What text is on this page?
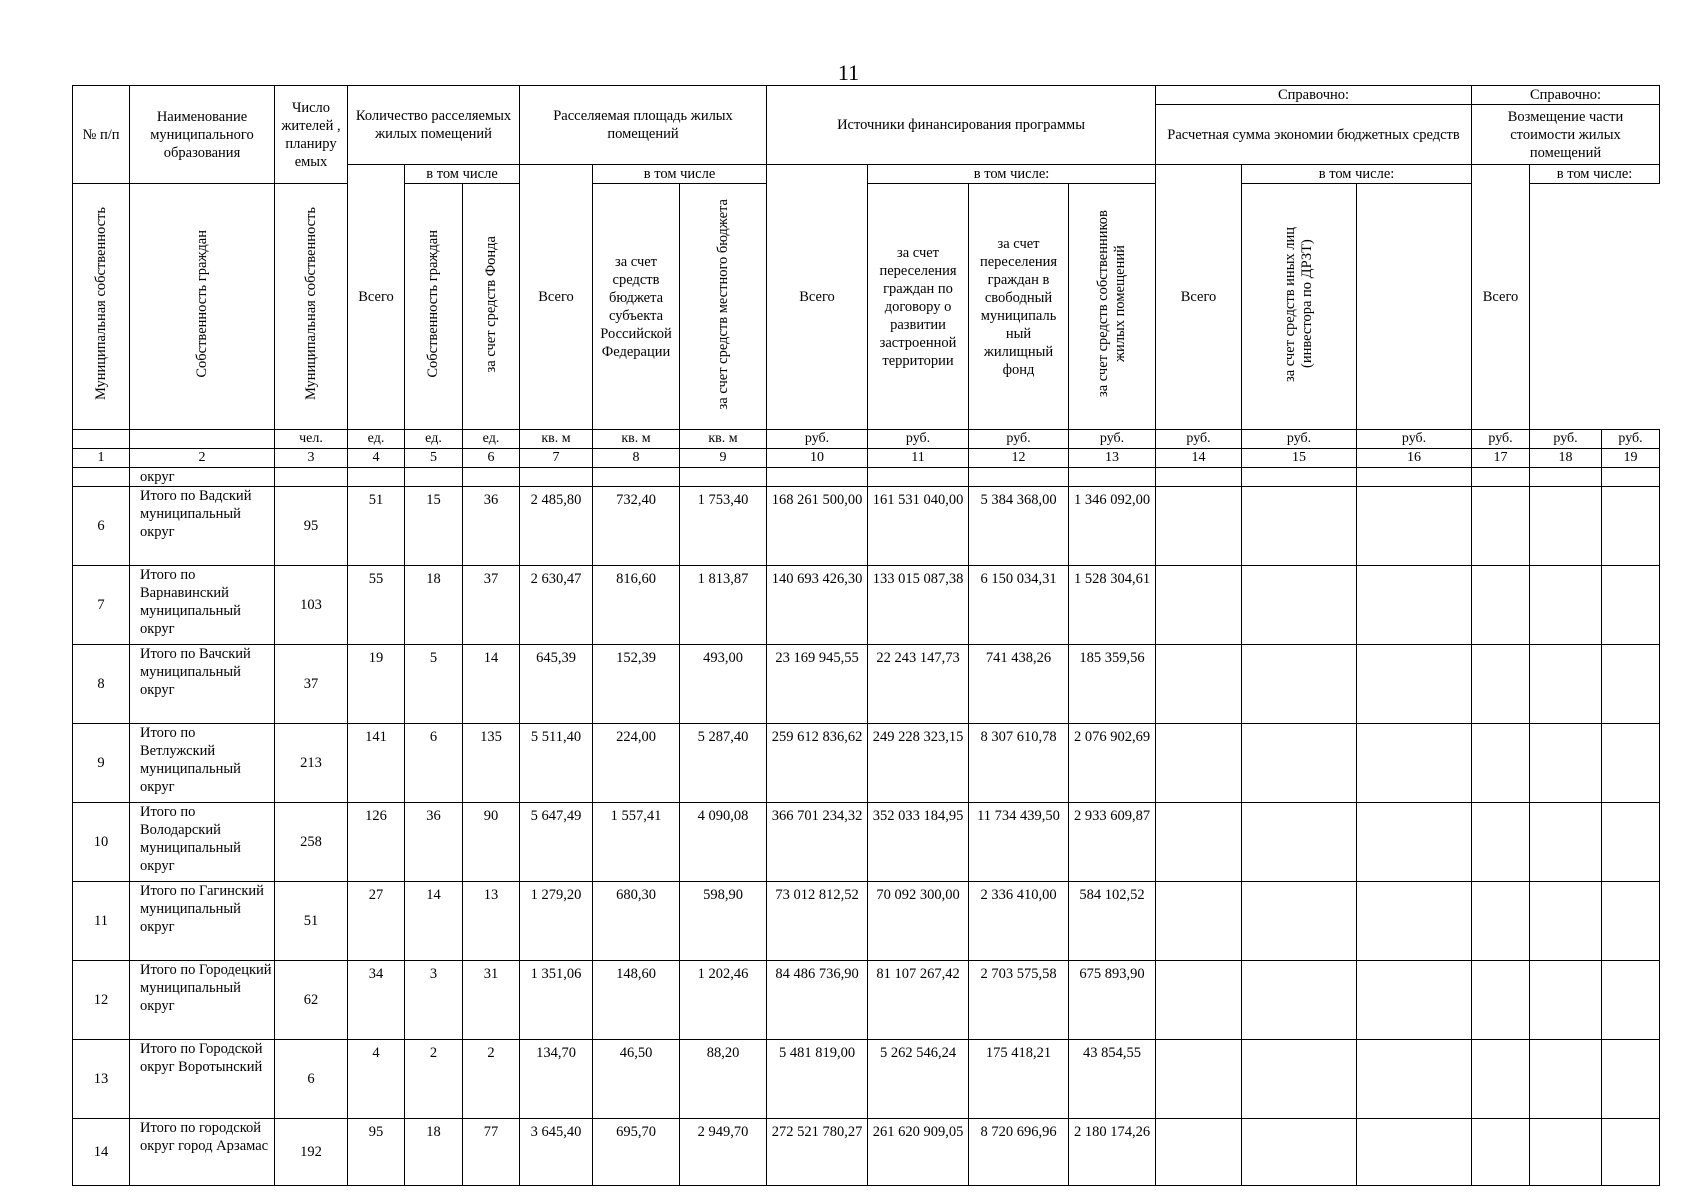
11
№ п/п	Наименование муниципального образования	Число жителей , планиру емых	Количество расселяемых жилых помещений			Расселяемая площадь жилых помещений			Источники финансирования программы				Справочно:			Справочно:		
													Расчетная сумма экономии бюджетных средств			Возмещение части стоимости жилых помещений		
			Всего	в том числе		Всего	в том числе		Всего	в том числе:			Всего	в том числе:		Всего	в том числе:	
Муниципальная собственность	Собственность граждан	Муниципальная собственность		Собственность граждан	за счет средств Фонда		за счет средств бюджета субъекта Российской Федерации	за счет средств местного бюджета		за счет переселения граждан по договору о развитии застроенной территории	за счет переселения граждан в свободный муниципаль ный жилищный фонд	за счет средств собственников жилых помещений		за счет средств иных лиц (инвестора по ДРЗТ)				
		чел.	ед.	ед.	ед.	кв. м	кв. м	кв. м	руб.	руб.	руб.	руб.	руб.	руб.	руб.	руб.	руб.	руб.
1	2	3	4	5	6	7	8	9	10	11	12	13	14	15	16	17	18	19
	округ																	
6	Итого по Вадский муниципальный округ	95	51	15	36	2 485,80	732,40	1 753,40	168 261 500,00	161 531 040,00	5 384 368,00	1 346 092,00						
7	Итого по Варнавинский муниципальный округ	103	55	18	37	2 630,47	816,60	1 813,87	140 693 426,30	133 015 087,38	6 150 034,31	1 528 304,61						
8	Итого по Вачский муниципальный округ	37	19	5	14	645,39	152,39	493,00	23 169 945,55	22 243 147,73	741 438,26	185 359,56						
9	Итого по Ветлужский муниципальный округ	213	141	6	135	5 511,40	224,00	5 287,40	259 612 836,62	249 228 323,15	8 307 610,78	2 076 902,69						
10	Итого по Володарский муниципальный округ	258	126	36	90	5 647,49	1 557,41	4 090,08	366 701 234,32	352 033 184,95	11 734 439,50	2 933 609,87						
11	Итого по Гагинский муниципальный округ	51	27	14	13	1 279,20	680,30	598,90	73 012 812,52	70 092 300,00	2 336 410,00	584 102,52						
12	Итого по Городецкий муниципальный округ	62	34	3	31	1 351,06	148,60	1 202,46	84 486 736,90	81 107 267,42	2 703 575,58	675 893,90						
13	Итого по Городской округ Воротынский	6	4	2	2	134,70	46,50	88,20	5 481 819,00	5 262 546,24	175 418,21	43 854,55						
14	Итого по городской округ город Арзамас	192	95	18	77	3 645,40	695,70	2 949,70	272 521 780,27	261 620 909,05	8 720 696,96	2 180 174,26						
